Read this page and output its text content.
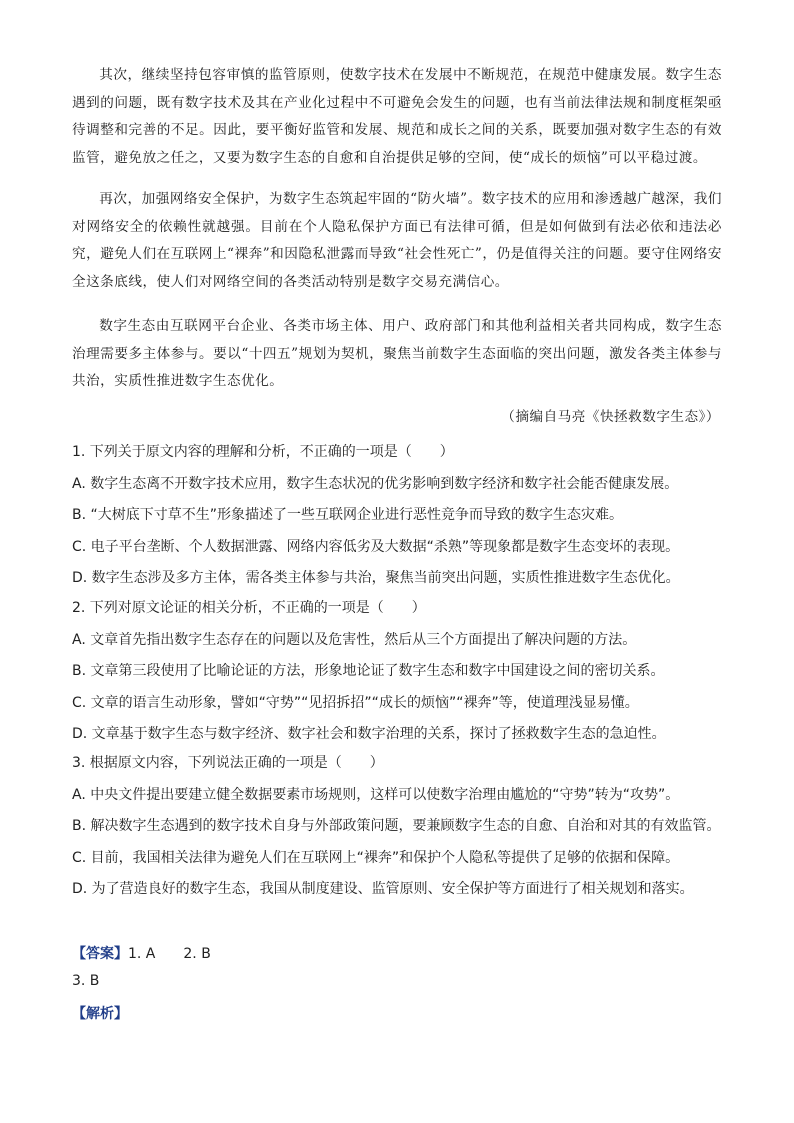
其次，继续坚持包容审慎的监管原则，使数字技术在发展中不断规范，在规范中健康发展。数字生态遇到的问题，既有数字技术及其在产业化过程中不可避免会发生的问题，也有当前法律法规和制度框架亟待调整和完善的不足。因此，要平衡好监管和发展、规范和成长之间的关系，既要加强对数字生态的有效监管，避免放之任之，又要为数字生态的自愈和自治提供足够的空间，使“成长的烦恼”可以平稳过渡。

再次，加强网络安全保护，为数字生态筑起牢固的“防火墙”。数字技术的应用和渗透越广越深，我们对网络安全的依赖性就越强。目前在个人隐私保护方面已有法律可循，但是如何做到有法必依和违法必究，避免人们在互联网上“裸奔”和因隐私泄露而导致“社会性死亡”，仍是值得关注的问题。要守住网络安全这条底线，使人们对网络空间的各类活动特别是数字交易充满信心。

数字生态由互联网平台企业、各类市场主体、用户、政府部门和其他利益相关者共同构成，数字生态治理需要多主体参与。要以“十四五”规划为契机，聚焦当前数字生态面临的突出问题，激发各类主体参与共治，实质性推进数字生态优化。

（摘编自马亮《快拯救数字生态》）
1. 下列关于原文内容的理解和分析，不正确的一项是（　　）
A. 数字生态离不开数字技术应用，数字生态状况的优劣影响到数字经济和数字社会能否健康发展。
B. “大树底下寸草不生”形象描述了一些互联网企业进行恶性竞争而导致的数字生态灾难。
C. 电子平台垄断、个人数据泄露、网络内容低劣及大数据“杀熟”等现象都是数字生态变坏的表现。
D. 数字生态涉及多方主体，需各类主体参与共治，聚焦当前突出问题，实质性推进数字生态优化。
2. 下列对原文论证的相关分析，不正确的一项是（　　）
A. 文章首先指出数字生态存在的问题以及危害性，然后从三个方面提出了解决问题的方法。
B. 文章第三段使用了比喻论证的方法，形象地论证了数字生态和数字中国建设之间的密切关系。
C. 文章的语言生动形象，譬如“守势”“见招拆招”“成长的烦恼”“裸奔”等，使道理浅显易懂。
D. 文章基于数字生态与数字经济、数字社会和数字治理的关系，探讨了拯救数字生态的急迫性。
3. 根据原文内容，下列说法正确的一项是（　　）
A. 中央文件提出要建立健全数据要素市场规则，这样可以使数字治理由尴尬的“守势”转为“攻势”。
B. 解决数字生态遇到的数字技术自身与外部政策问题，要兼顾数字生态的自愈、自治和对其的有效监管。
C. 目前，我国相关法律为避免人们在互联网上“裸奔”和保护个人隐私等提供了足够的依据和保障。
D. 为了营造良好的数字生态，我国从制度建设、监管原则、安全保护等方面进行了相关规划和落实。
【答案】1. A　　2. B
3. B
【解析】
